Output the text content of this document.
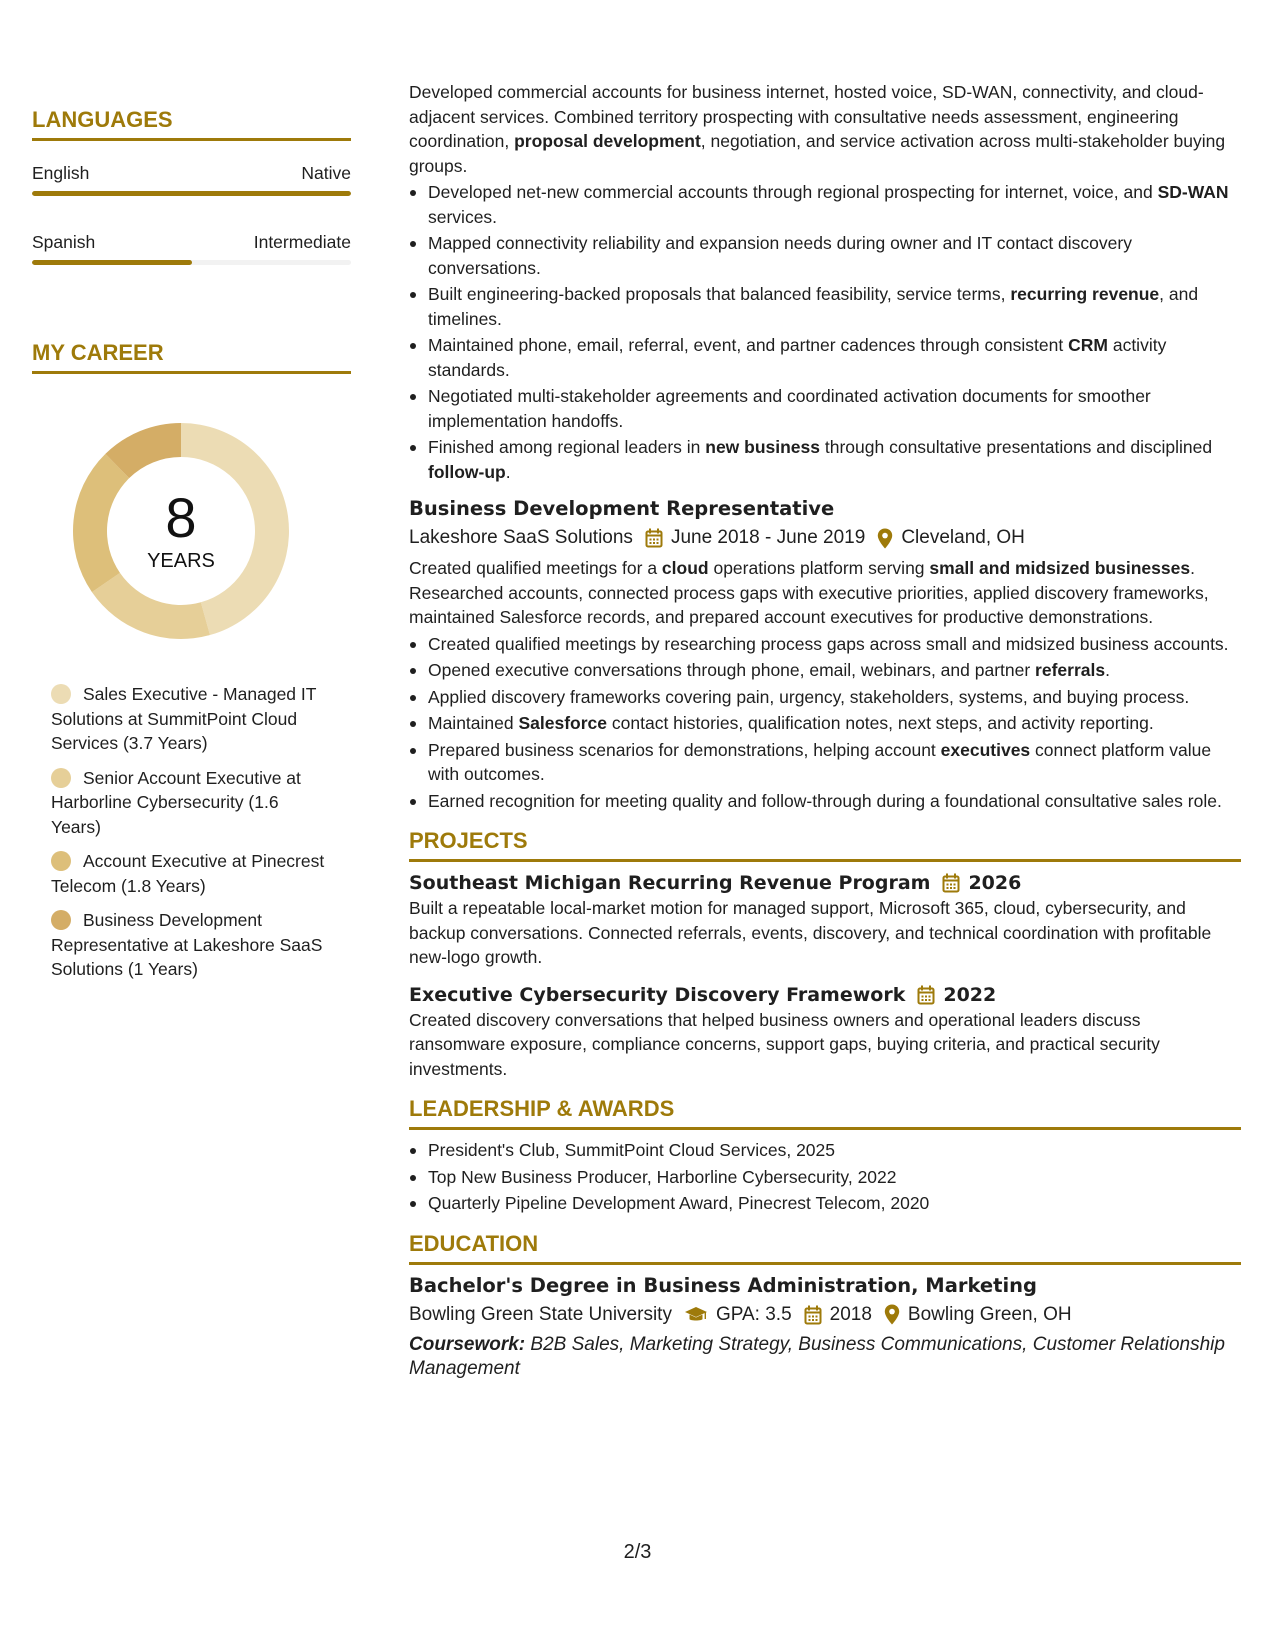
LANGUAGES
English	Native
Spanish	Intermediate
MY CAREER
8
YEARS
Sales Executive - Managed IT Solutions at SummitPoint Cloud Services (3.7 Years)
Senior Account Executive at Harborline Cybersecurity (1.6 Years)
Account Executive at Pinecrest Telecom (1.8 Years)
Business Development Representative at Lakeshore SaaS Solutions (1 Years)

Developed commercial accounts for business internet, hosted voice, SD-WAN, connectivity, and cloud-adjacent services. Combined territory prospecting with consultative needs assessment, engineering coordination, proposal development, negotiation, and service activation across multi-stakeholder buying groups.

Developed net-new commercial accounts through regional prospecting for internet, voice, and SD-WAN services.
Mapped connectivity reliability and expansion needs during owner and IT contact discovery conversations.
Built engineering-backed proposals that balanced feasibility, service terms, recurring revenue, and timelines.
Maintained phone, email, referral, event, and partner cadences through consistent CRM activity standards.
Negotiated multi-stakeholder agreements and coordinated activation documents for smoother implementation handoffs.
Finished among regional leaders in new business through consultative presentations and disciplined follow-up.
Business Development Representative
Lakeshore SaaS Solutions June 2018 - June 2019 Cleveland, OH

Created qualified meetings for a cloud operations platform serving small and midsized businesses. Researched accounts, connected process gaps with executive priorities, applied discovery frameworks, maintained Salesforce records, and prepared account executives for productive demonstrations.

Created qualified meetings by researching process gaps across small and midsized business accounts.
Opened executive conversations through phone, email, webinars, and partner referrals.
Applied discovery frameworks covering pain, urgency, stakeholders, systems, and buying process.
Maintained Salesforce contact histories, qualification notes, next steps, and activity reporting.
Prepared business scenarios for demonstrations, helping account executives connect platform value with outcomes.
Earned recognition for meeting quality and follow-through during a foundational consultative sales role.
PROJECTS
Southeast Michigan Recurring Revenue Program 2026

Built a repeatable local-market motion for managed support, Microsoft 365, cloud, cybersecurity, and backup conversations. Connected referrals, events, discovery, and technical coordination with profitable new-logo growth.

Executive Cybersecurity Discovery Framework 2022

Created discovery conversations that helped business owners and operational leaders discuss ransomware exposure, compliance concerns, support gaps, buying criteria, and practical security investments.

LEADERSHIP & AWARDS
President's Club, SummitPoint Cloud Services, 2025
Top New Business Producer, Harborline Cybersecurity, 2022
Quarterly Pipeline Development Award, Pinecrest Telecom, 2020
EDUCATION
Bachelor's Degree in Business Administration, Marketing
Bowling Green State University GPA: 3.5 2018 Bowling Green, OH

Coursework: B2B Sales, Marketing Strategy, Business Communications, Customer Relationship Management

2/3
